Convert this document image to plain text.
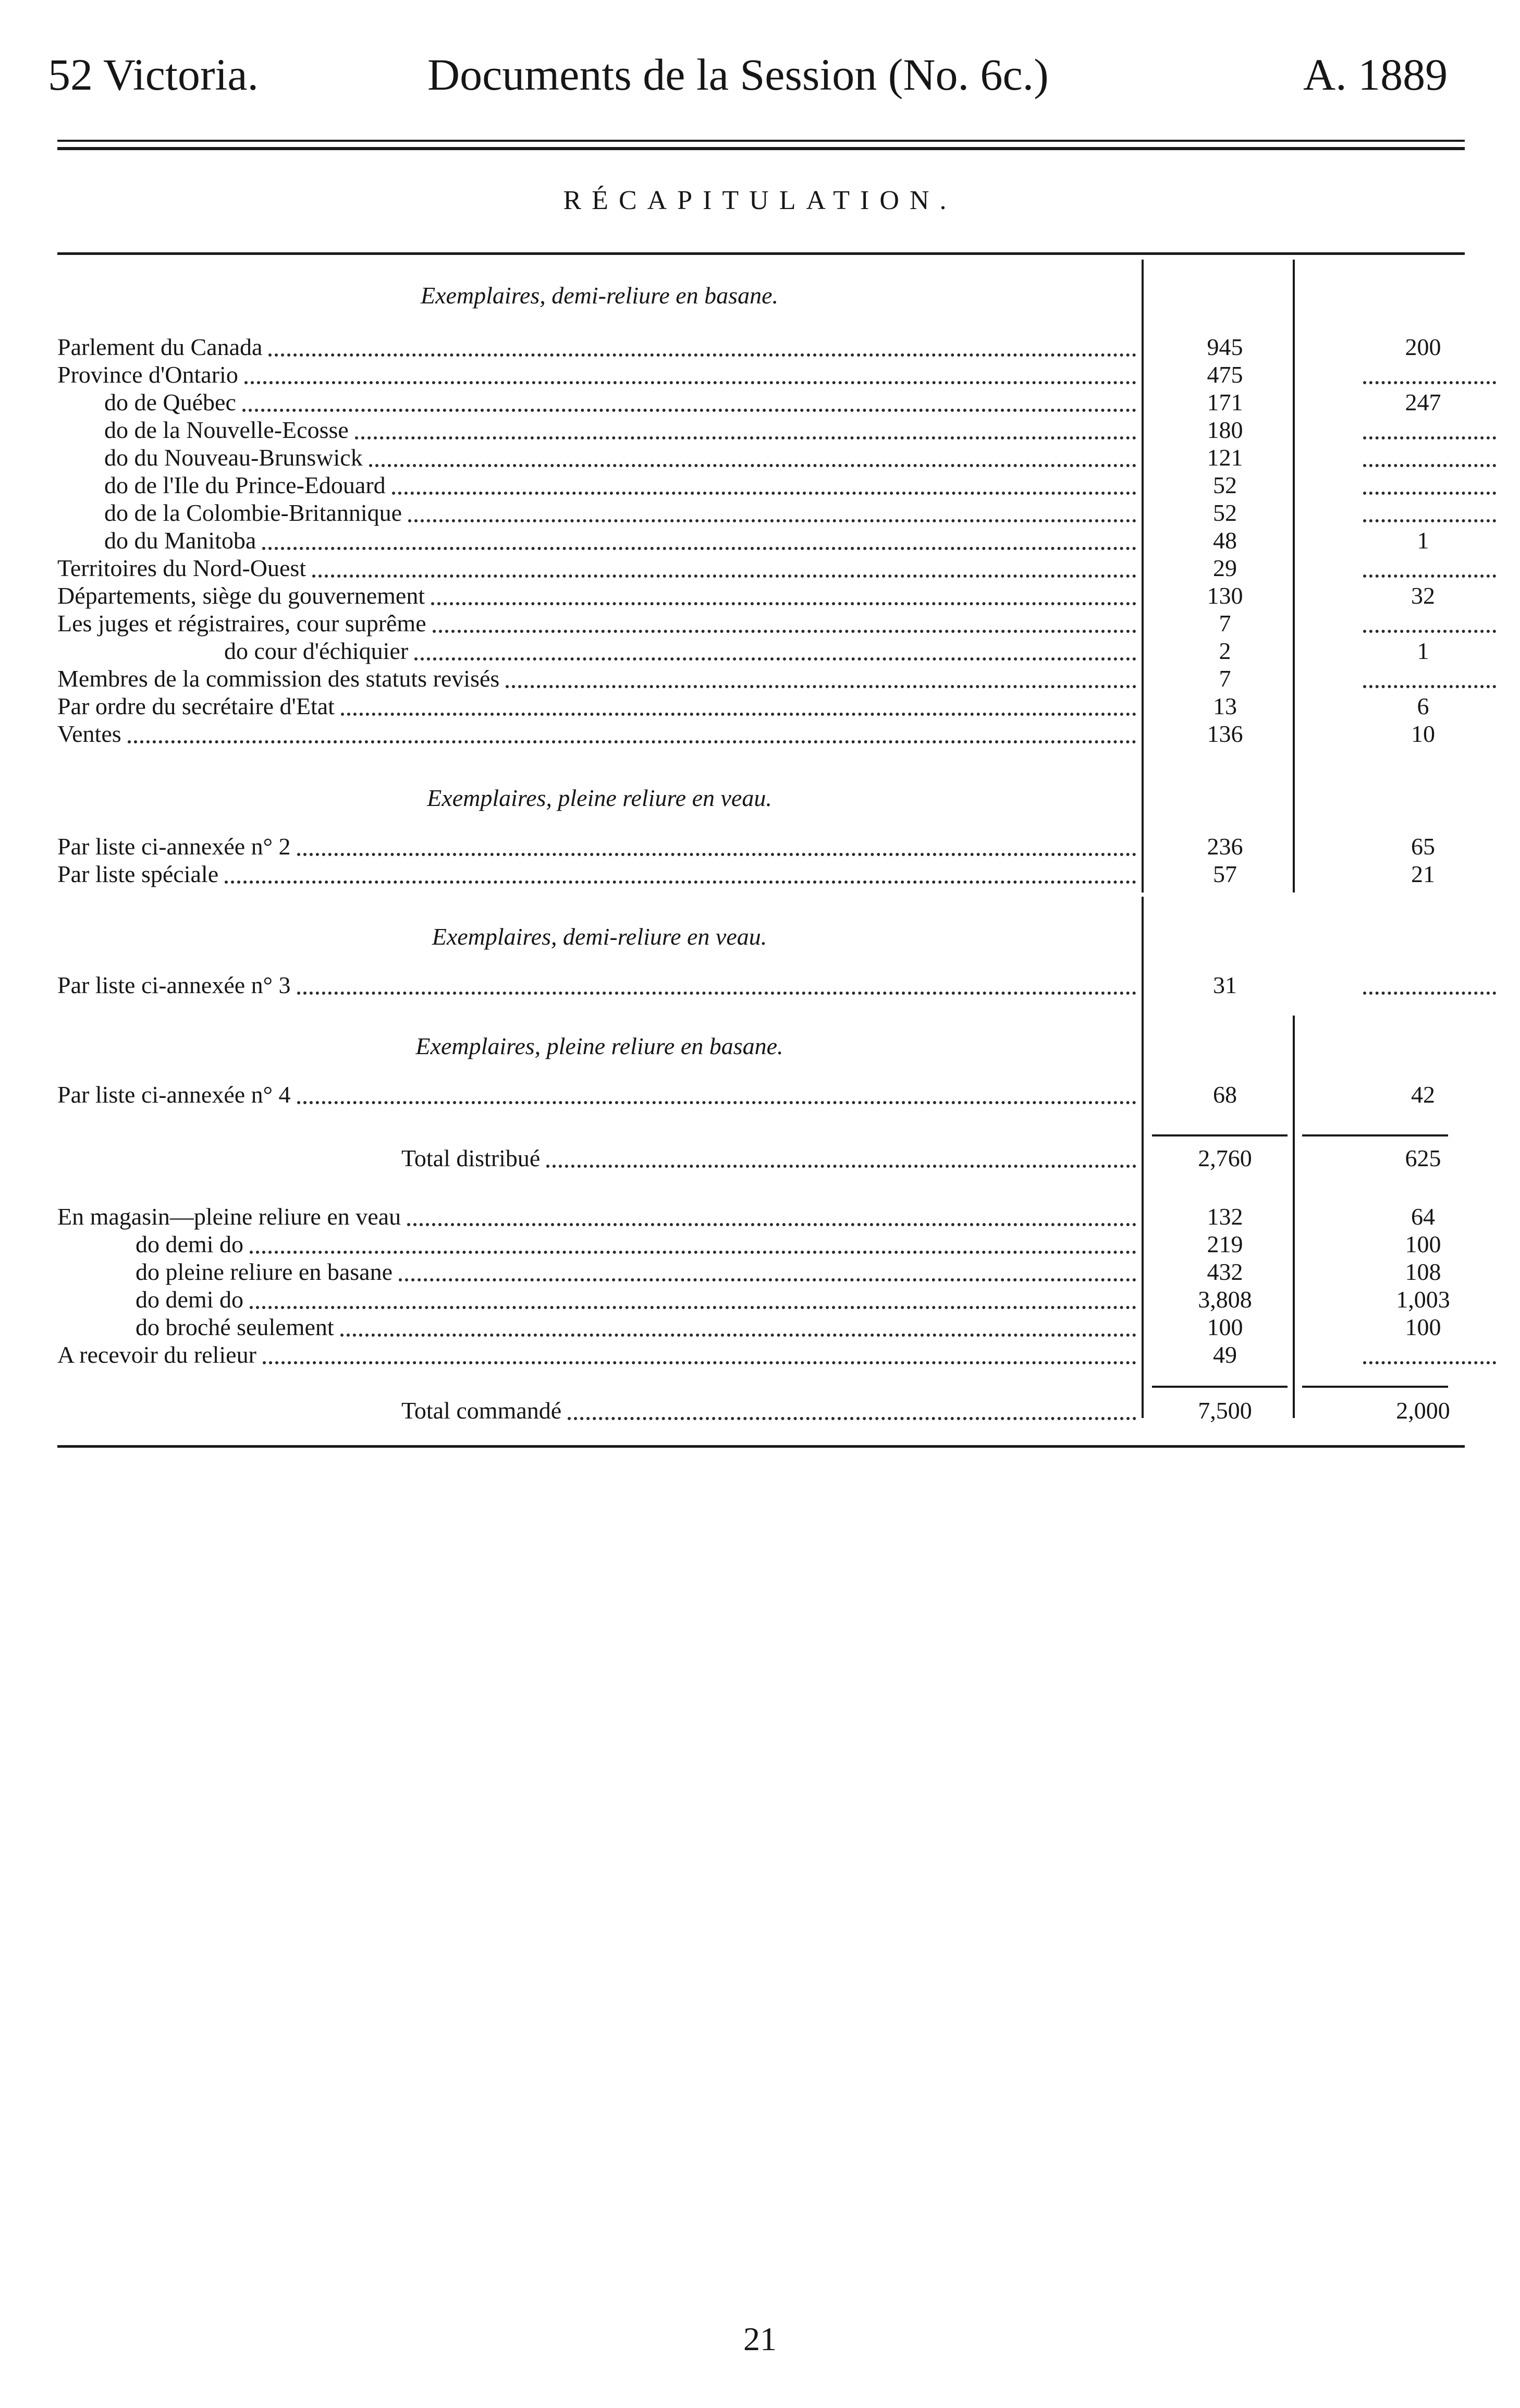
52 Victoria.	Documents de la Session (No. 6c.)	A. 1889
RÉCAPITULATION.
Exemplaires, demi-reliure en basane.
Exemplaires, pleine reliure en veau.
Exemplaires, demi-reliure en veau.
Exemplaires, pleine reliure en basane.
Parlement du Canada	945	200
Province d'Ontario	475
do de Québec	171	247
do de la Nouvelle-Ecosse	180
do du Nouveau-Brunswick	121
do de l'Ile du Prince-Edouard	52
do de la Colombie-Britannique	52
do du Manitoba	48	1
Territoires du Nord-Ouest	29
Départements, siège du gouvernement	130	32
Les juges et régistraires, cour suprême	7
do cour d'échiquier	2	1
Membres de la commission des statuts revisés	7
Par ordre du secrétaire d'Etat	13	6
Ventes	136	10
Par liste ci-annexée n° 2	236	65
Par liste spéciale	57	21
Par liste ci-annexée n° 3	31
Par liste ci-annexée n° 4	68	42
Total distribué	2,760	625
En magasin—pleine reliure en veau	132	64
do demi do	219	100
do pleine reliure en basane	432	108
do demi do	3,808	1,003
do broché seulement	100	100
A recevoir du relieur	49
Total commandé	7,500	2,000
21
